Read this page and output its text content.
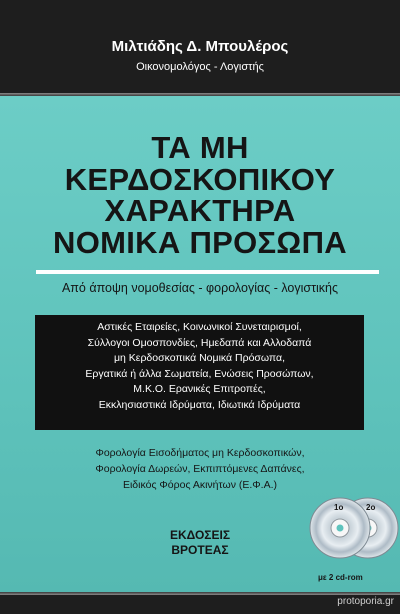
Μιλτιάδης Δ. Μπουλέρος
Οικονομολόγος - Λογιστής
ΤΑ ΜΗ
ΚΕΡΔΟΣΚΟΠΙΚΟΥ
ΧΑΡΑΚΤΗΡΑ
ΝΟΜΙΚΑ ΠΡΟΣΩΠΑ
Από άποψη νομοθεσίας - φορολογίας - λογιστικής
Αστικές Εταιρείες, Κοινωνικοί Συνεταιρισμοί,
Σύλλογοι Ομοσπονδίες, Ημεδαπά και Αλλοδαπά
μη Κερδοσκοπικά Νομικά Πρόσωπα,
Εργατικά ή άλλα Σωματεία, Ενώσεις Προσώπων,
Μ.Κ.Ο. Ερανικές Επιτροπές,
Εκκλησιαστικά Ιδρύματα, Ιδιωτικά Ιδρύματα
Φορολογία Εισοδήματος μη Κερδοσκοπικών,
Φορολογία Δωρεών, Εκπιπτόμενες Δαπάνες,
Ειδικός Φόρος Ακινήτων (Ε.Φ.Α.)
ΕΚΔΟΣΕΙΣ
ΒΡΟΤΕΑΣ
1ο	2ο
με 2 cd-rom
protoporia.gr
